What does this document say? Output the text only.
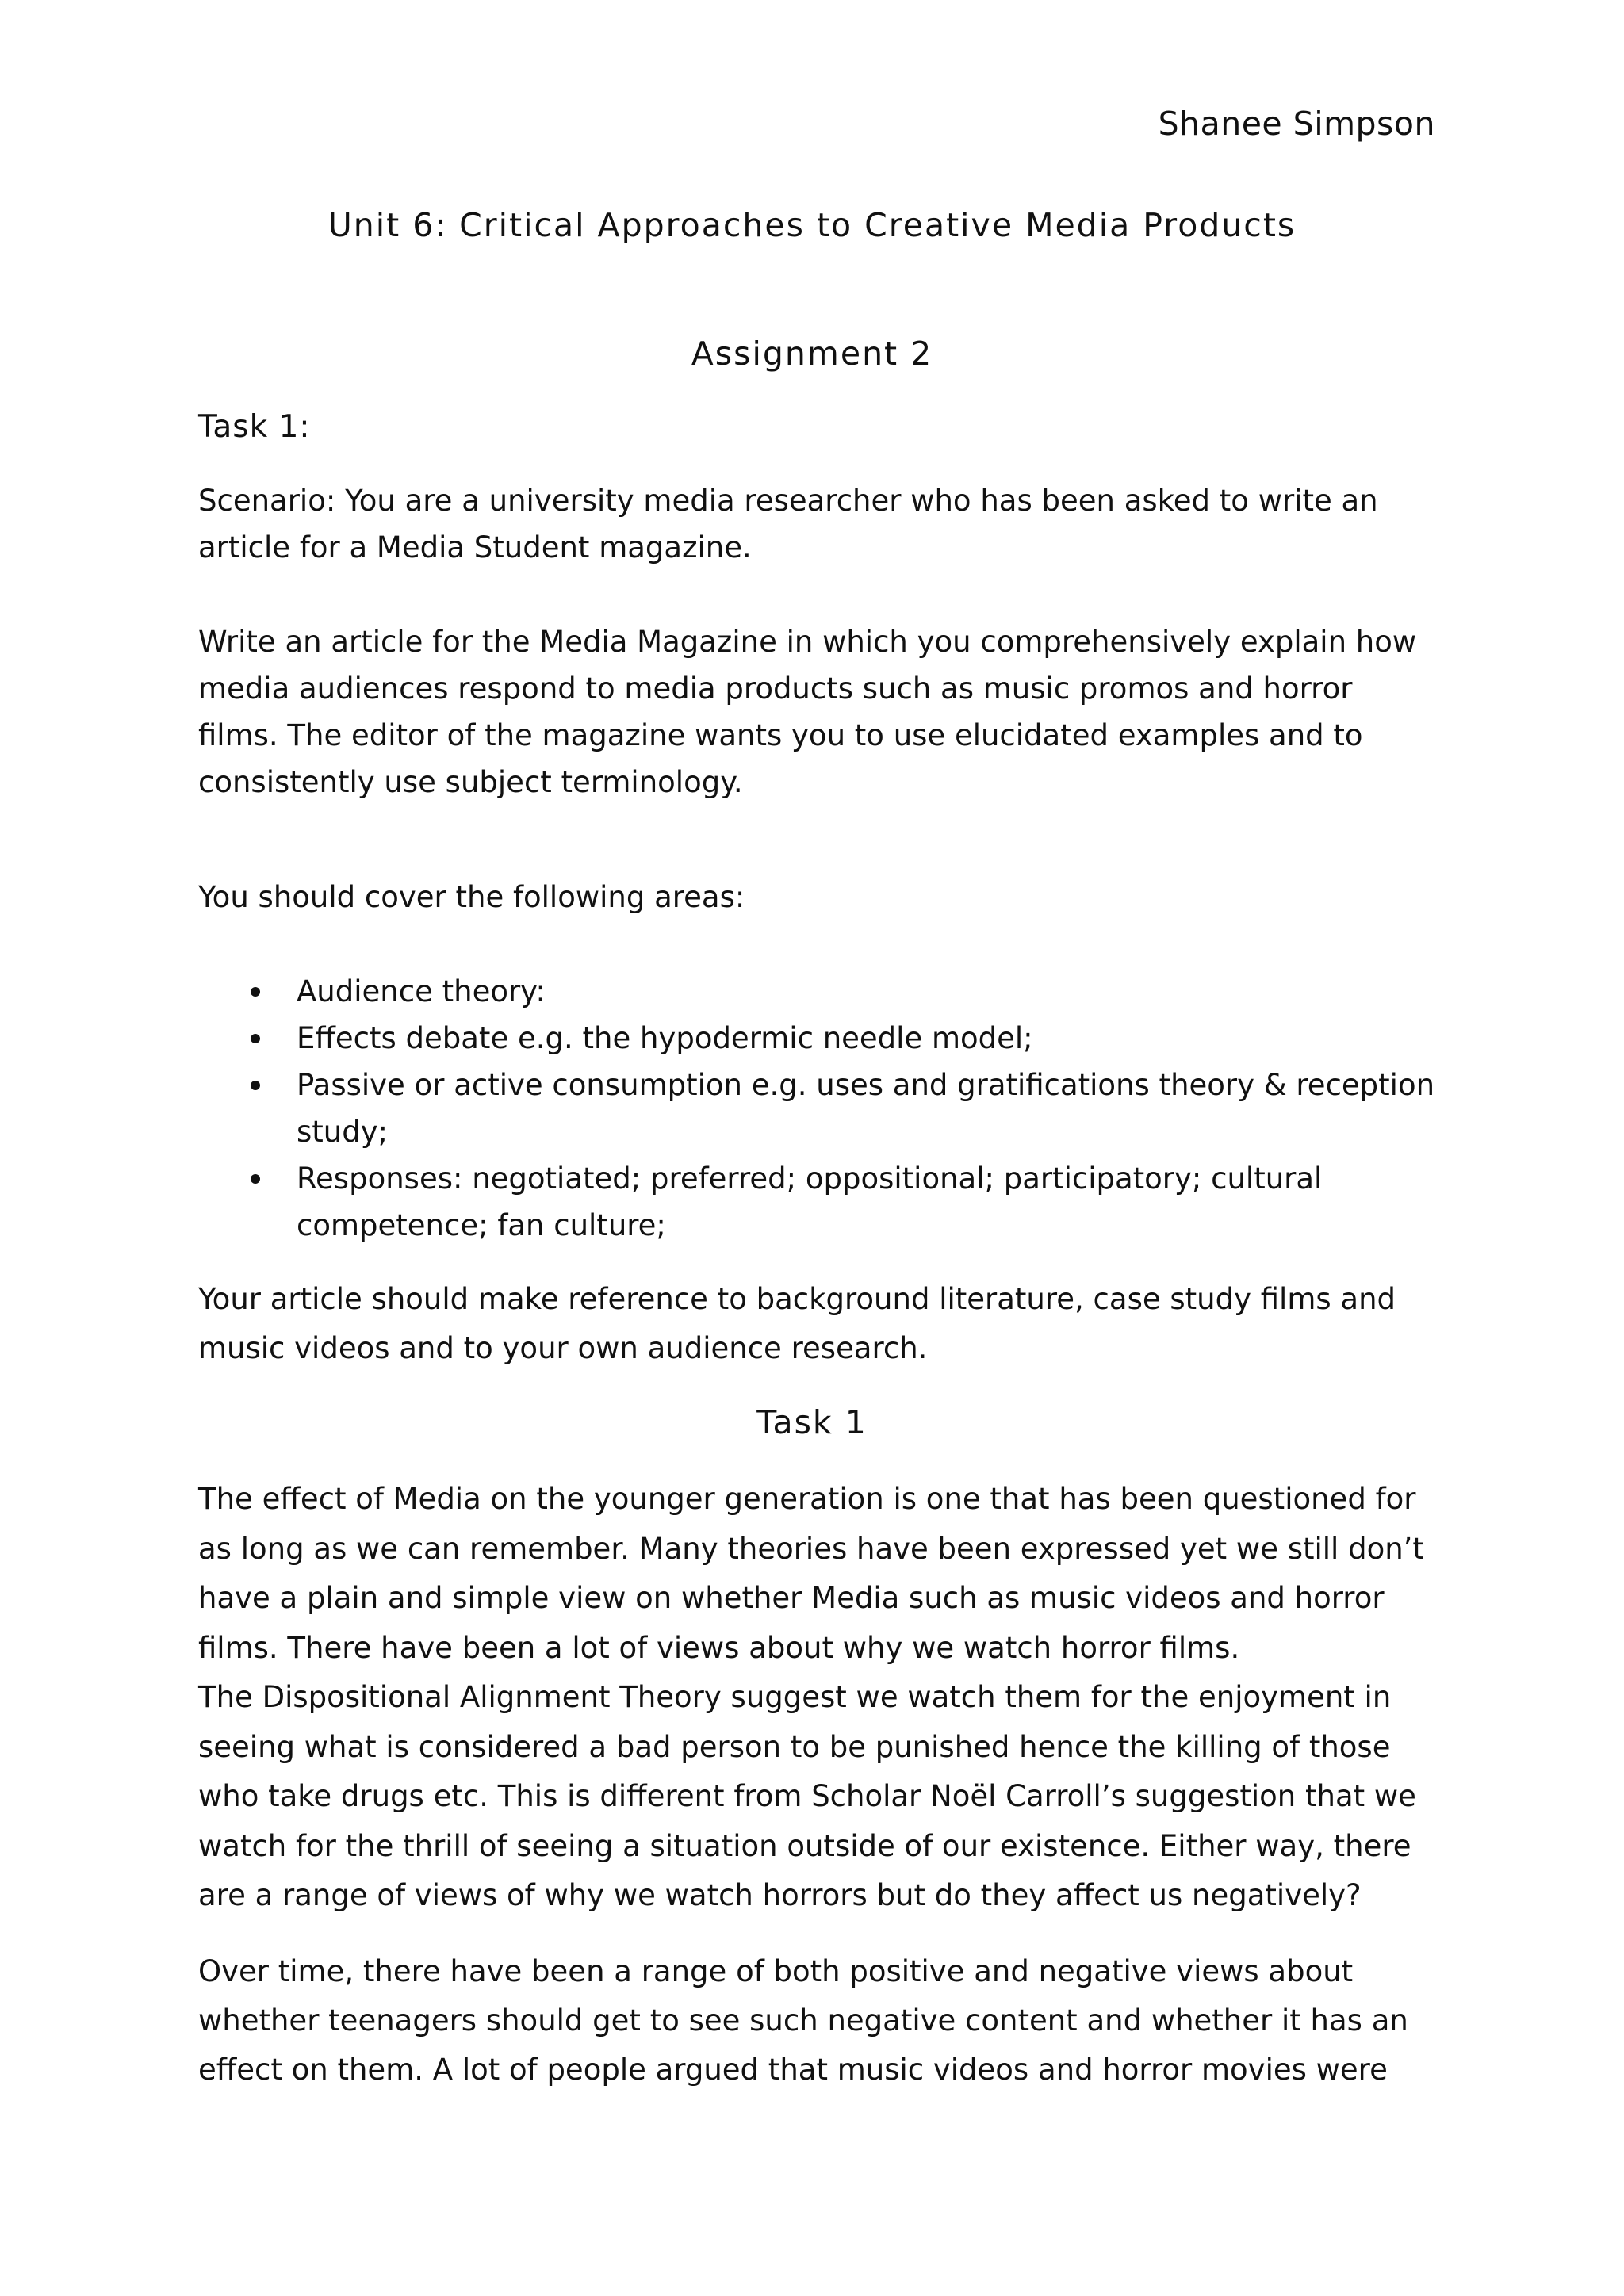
Shanee Simpson

Unit 6: Critical Approaches to Creative Media Products
Assignment 2

Task 1:

Scenario: You are a university media researcher who has been asked to write an
article for a Media Student magazine.
Write an article for the Media Magazine in which you comprehensively explain how
media audiences respond to media products such as music promos and horror
films. The editor of the magazine wants you to use elucidated examples and to
consistently use subject terminology.
You should cover the following areas:
Audience theory:
Effects debate e.g. the hypodermic needle model;
Passive or active consumption e.g. uses and gratifications theory & reception
study;
Responses: negotiated; preferred; oppositional; participatory; cultural
competence; fan culture;
Your article should make reference to background literature, case study films and
music videos and to your own audience research.
Task 1
The effect of Media on the younger generation is one that has been questioned for
as long as we can remember. Many theories have been expressed yet we still don’t
have a plain and simple view on whether Media such as music videos and horror
films. There have been a lot of views about why we watch horror films.
The Dispositional Alignment Theory suggest we watch them for the enjoyment in
seeing what is considered a bad person to be punished hence the killing of those
who take drugs etc. This is different from Scholar Noël Carroll’s suggestion that we
watch for the thrill of seeing a situation outside of our existence. Either way, there
are a range of views of why we watch horrors but do they affect us negatively?
Over time, there have been a range of both positive and negative views about
whether teenagers should get to see such negative content and whether it has an
effect on them. A lot of people argued that music videos and horror movies were
